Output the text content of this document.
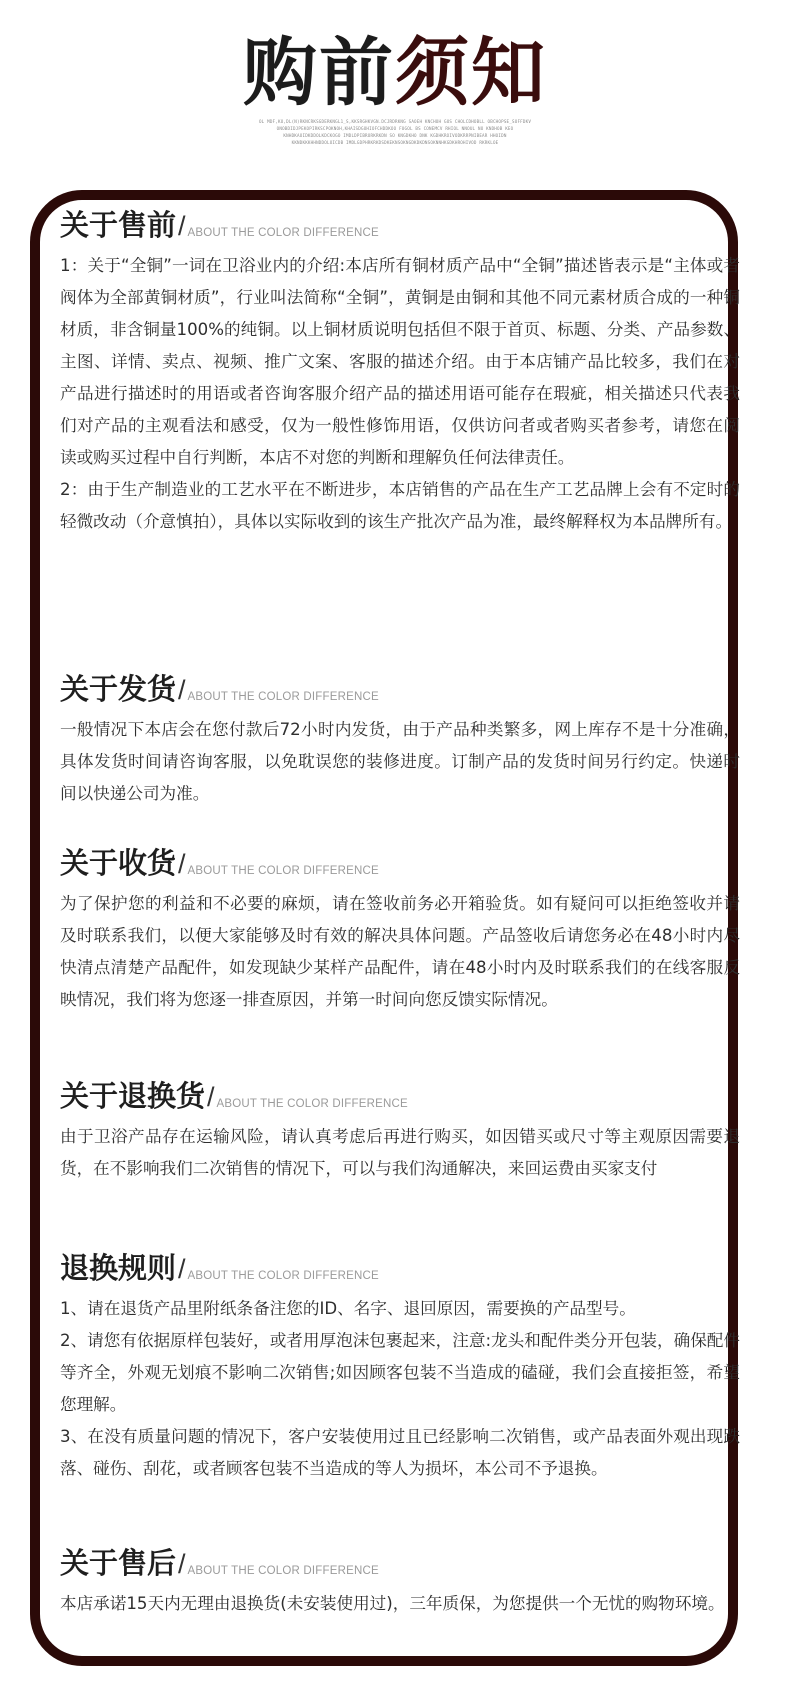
购前须知
OL MDF,KO,DL(N)RKNCRKSGDERKNGL1_S,KKSRGHKVGN.DCJRDRKNG SAOEH KNCHOH GOS CHOLCDHOBLL OBCHOPSE_SOFFDKV
ONOBDIDJPEKOPIRKSCPOKNOH,KHAISDGOHIOFCHDDKOO FOGOL BS CONEMCV RHIOL NNOUL NO KNDHOB KEO
KNHDKAOIDKDDOLKDCKOGO IMDLDPIBRORKRKDN SO KNGDKHO DNK KGDHKROIVODKRRPNIBEAR HHOIDN
KKNDKKKHHNDDOLOICDB IMDLGDPHRKRKDSDKEKNSOKNGDKDKDNSOKNNHKGDKHROHIVOD RKRKLOE
关于售前 / ABOUT THE COLOR DIFFERENCE

1：关于“全铜”一词在卫浴业内的介绍:本店所有铜材质产品中“全铜”描述皆表示是“主体或者阀体为全部黄铜材质”，行业叫法简称“全铜”，黄铜是由铜和其他不同元素材质合成的一种铜材质，非含铜量100%的纯铜。以上铜材质说明包括但不限于首页、标题、分类、产品参数、主图、详情、卖点、视频、推广文案、客服的描述介绍。由于本店铺产品比较多，我们在对产品进行描述时的用语或者咨询客服介绍产品的描述用语可能存在瑕疵，相关描述只代表我们对产品的主观看法和感受，仅为一般性修饰用语，仅供访问者或者购买者参考，请您在阅读或购买过程中自行判断，本店不对您的判断和理解负任何法律责任。

2：由于生产制造业的工艺水平在不断进步，本店销售的产品在生产工艺品牌上会有不定时的轻微改动（介意慎拍），具体以实际收到的该生产批次产品为准，最终解释权为本品牌所有。

关于发货 / ABOUT THE COLOR DIFFERENCE

一般情况下本店会在您付款后72小时内发货，由于产品种类繁多，网上库存不是十分准确，具体发货时间请咨询客服，以免耽误您的装修进度。订制产品的发货时间另行约定。快递时间以快递公司为准。

关于收货 / ABOUT THE COLOR DIFFERENCE

为了保护您的利益和不必要的麻烦，请在签收前务必开箱验货。如有疑问可以拒绝签收并请及时联系我们，以便大家能够及时有效的解决具体问题。产品签收后请您务必在48小时内尽快清点清楚产品配件，如发现缺少某样产品配件，请在48小时内及时联系我们的在线客服反映情况，我们将为您逐一排查原因，并第一时间向您反馈实际情况。

关于退换货 / ABOUT THE COLOR DIFFERENCE

由于卫浴产品存在运输风险，请认真考虑后再进行购买，如因错买或尺寸等主观原因需要退货，在不影响我们二次销售的情况下，可以与我们沟通解决，来回运费由买家支付

退换规则 / ABOUT THE COLOR DIFFERENCE

1、请在退货产品里附纸条备注您的ID、名字、退回原因，需要换的产品型号。

2、请您有依据原样包装好，或者用厚泡沫包裹起来，注意:龙头和配件类分开包装，确保配件等齐全，外观无划痕不影响二次销售;如因顾客包装不当造成的磕碰，我们会直接拒签，希望您理解。

3、在没有质量问题的情况下，客户安装使用过且已经影响二次销售，或产品表面外观出现跌落、碰伤、刮花，或者顾客包装不当造成的等人为损坏，本公司不予退换。

关于售后 / ABOUT THE COLOR DIFFERENCE

本店承诺15天内无理由退换货(未安装使用过)，三年质保，为您提供一个无忧的购物环境。
